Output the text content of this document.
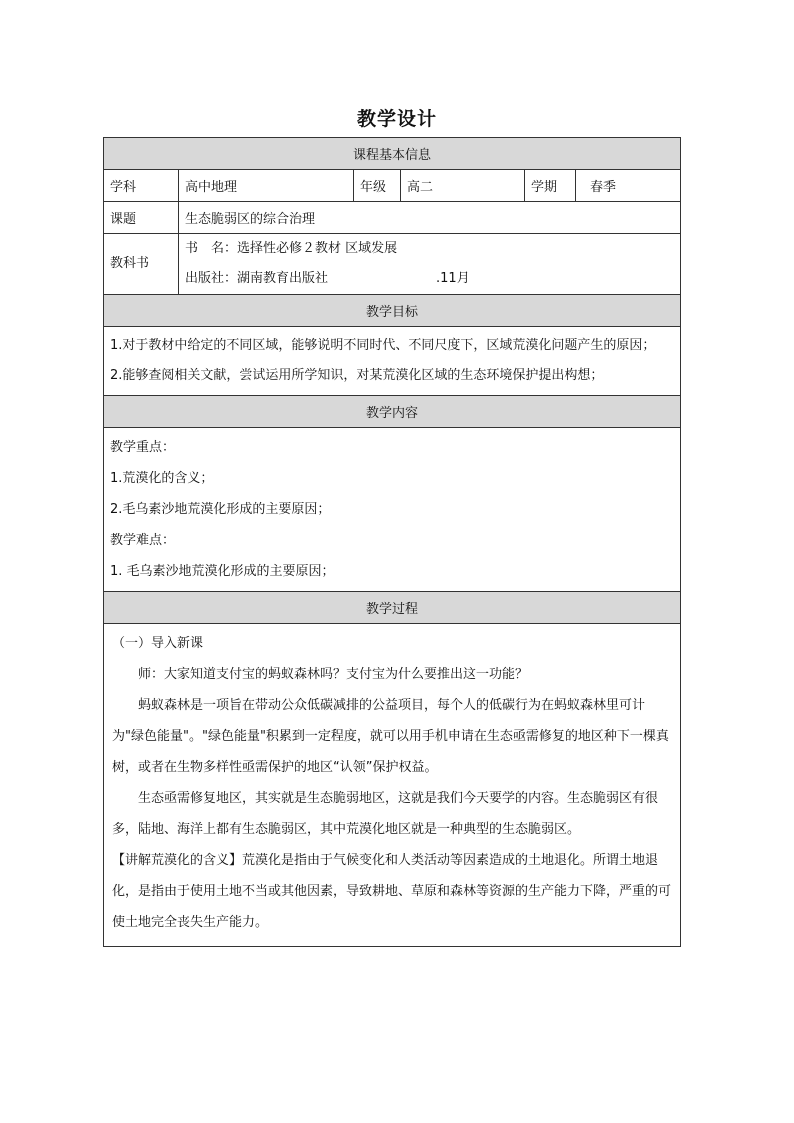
教学设计
课程基本信息					
学科	高中地理	年级	高二	学期	春季
课题	生态脆弱区的综合治理				

教科书	书　名：选择性必修２教材 区域发展
出版社：湖南教育出版社 .11月				

教学目标					

1.对于教材中给定的不同区域，能够说明不同时代、不同尺度下，区域荒漠化问题产生的原因；
2.能够查阅相关文献，尝试运用所学知识，对某荒漠化区域的生态环境保护提出构想；					

教学内容					

教学重点：
1.荒漠化的含义；
2.毛乌素沙地荒漠化形成的主要原因；
教学难点：
1. 毛乌素沙地荒漠化形成的主要原因；					

教学过程					

（一）导入新课

师：大家知道支付宝的蚂蚁森林吗？支付宝为什么要推出这一功能？

蚂蚁森林是一项旨在带动公众低碳减排的公益项目，每个人的低碳行为在蚂蚁森林里可计为"绿色能量"。"绿色能量"积累到一定程度，就可以用手机申请在生态亟需修复的地区种下一棵真树，或者在生物多样性亟需保护的地区“认领”保护权益。

生态亟需修复地区，其实就是生态脆弱地区，这就是我们今天要学的内容。生态脆弱区有很多，陆地、海洋上都有生态脆弱区，其中荒漠化地区就是一种典型的生态脆弱区。

【讲解荒漠化的含义】荒漠化是指由于气候变化和人类活动等因素造成的土地退化。所谓土地退化，是指由于使用土地不当或其他因素，导致耕地、草原和森林等资源的生产能力下降，严重的可使土地完全丧失生产能力。					
